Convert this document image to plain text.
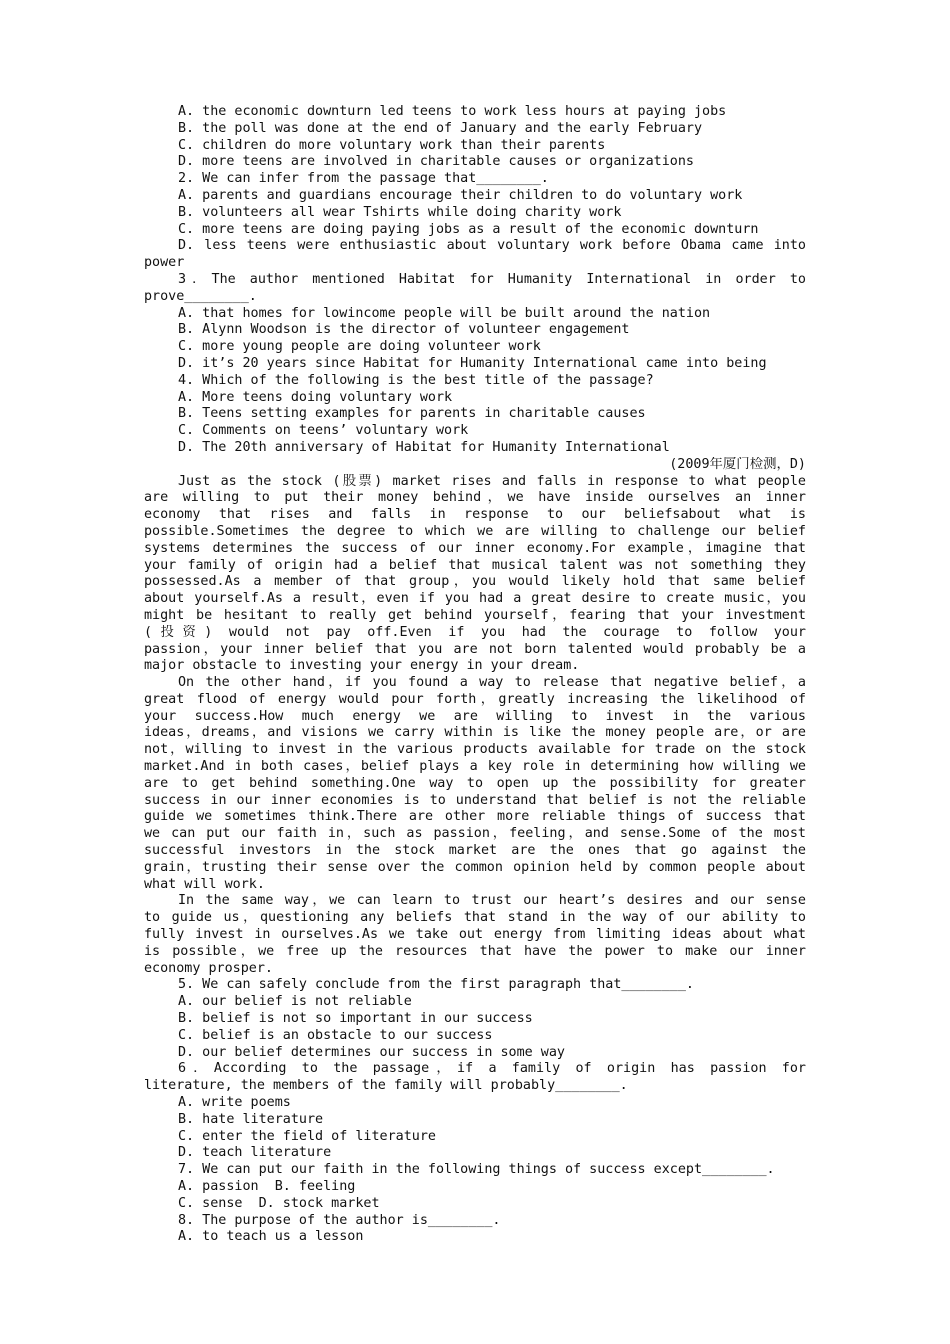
A. the economic downturn led teens to work less hours at paying jobs
B. the poll was done at the end of January and the early February
C. children do more voluntary work than their parents
D. more teens are involved in charitable causes or organizations
2. We can infer from the passage that________.
A. parents and guardians encourage their children to do voluntary work
B. volunteers all wear Tshirts while doing charity work
C. more teens are doing paying jobs as a result of the economic downturn
D. less teens were enthusiastic about voluntary work before Obama came into
power
3．The author mentioned Habitat for Humanity International in order to
prove________.
A. that homes for lowincome people will be built around the nation
B. Alynn Woodson is the director of volunteer engagement
C. more young people are doing volunteer work
D. it’s 20 years since Habitat for Humanity International came into being
4. Which of the following is the best title of the passage?
A. More teens doing voluntary work
B. Teens setting examples for parents in charitable causes
C. Comments on teens’ voluntary work
D. The 20th anniversary of Habitat for Humanity International
(2009年厦门检测，D)
Just as the stock (股票) market rises and falls in response to what people
are willing to put their money behind，we have inside ourselves an inner
economy that rises and falls in response to our beliefsabout what is
possible.Sometimes the degree to which we are willing to challenge our belief
systems determines the success of our inner economy.For example，imagine that
your family of origin had a belief that musical talent was not something they
possessed.As a member of that group，you would likely hold that same belief
about yourself.As a result，even if you had a great desire to create music，you
might be hesitant to really get behind yourself，fearing that your investment
(投资) would not pay off.Even if you had the courage to follow your
passion，your inner belief that you are not born talented would probably be a
major obstacle to investing your energy in your dream.
On the other hand，if you found a way to release that negative belief，a
great flood of energy would pour forth，greatly increasing the likelihood of
your success.How much energy we are willing to invest in the various
ideas，dreams，and visions we carry within is like the money people are，or are
not，willing to invest in the various products available for trade on the stock
market.And in both cases，belief plays a key role in determining how willing we
are to get behind something.One way to open up the possibility for greater
success in our inner economies is to understand that belief is not the reliable
guide we sometimes think.There are other more reliable things of success that
we can put our faith in，such as passion，feeling，and sense.Some of the most
successful investors in the stock market are the ones that go against the
grain，trusting their sense over the common opinion held by common people about
what will work.
In the same way，we can learn to trust our heart’s desires and our sense
to guide us，questioning any beliefs that stand in the way of our ability to
fully invest in ourselves.As we take out energy from limiting ideas about what
is possible，we free up the resources that have the power to make our inner
economy prosper.
5. We can safely conclude from the first paragraph that________.
A. our belief is not reliable
B. belief is not so important in our success
C. belief is an obstacle to our success
D. our belief determines our success in some way
6．According to the passage，if a family of origin has passion for
literature, the members of the family will probably________.
A. write poems
B. hate literature
C. enter the field of literature
D. teach literature
7. We can put our faith in the following things of success except________.
A. passion  B. feeling
C. sense  D. stock market
8. The purpose of the author is________.
A. to teach us a lesson
